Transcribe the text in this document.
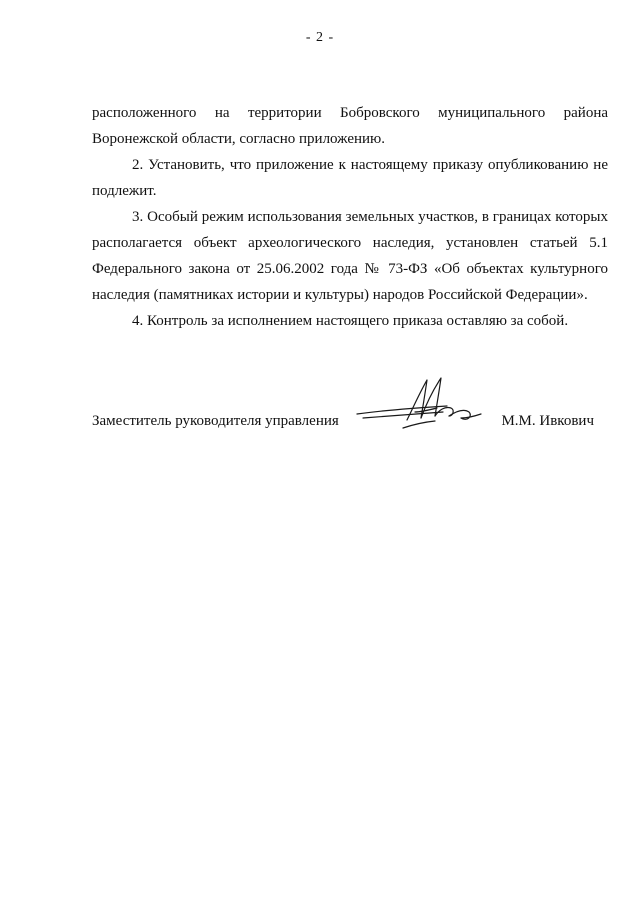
- 2 -
расположенного на территории Бобровского муниципального района
Воронежской области, согласно приложению.
2. Установить, что приложение к настоящему приказу опубликованию не
подлежит.
3. Особый режим использования земельных участков, в границах которых
располагается объект археологического наследия, установлен статьей 5.1
Федерального закона от 25.06.2002 года № 73-ФЗ «Об объектах культурного
наследия (памятниках истории и культуры) народов Российской Федерации».
4. Контроль за исполнением настоящего приказа оставляю за собой.
Заместитель руководителя управления	М.М. Ивкович
